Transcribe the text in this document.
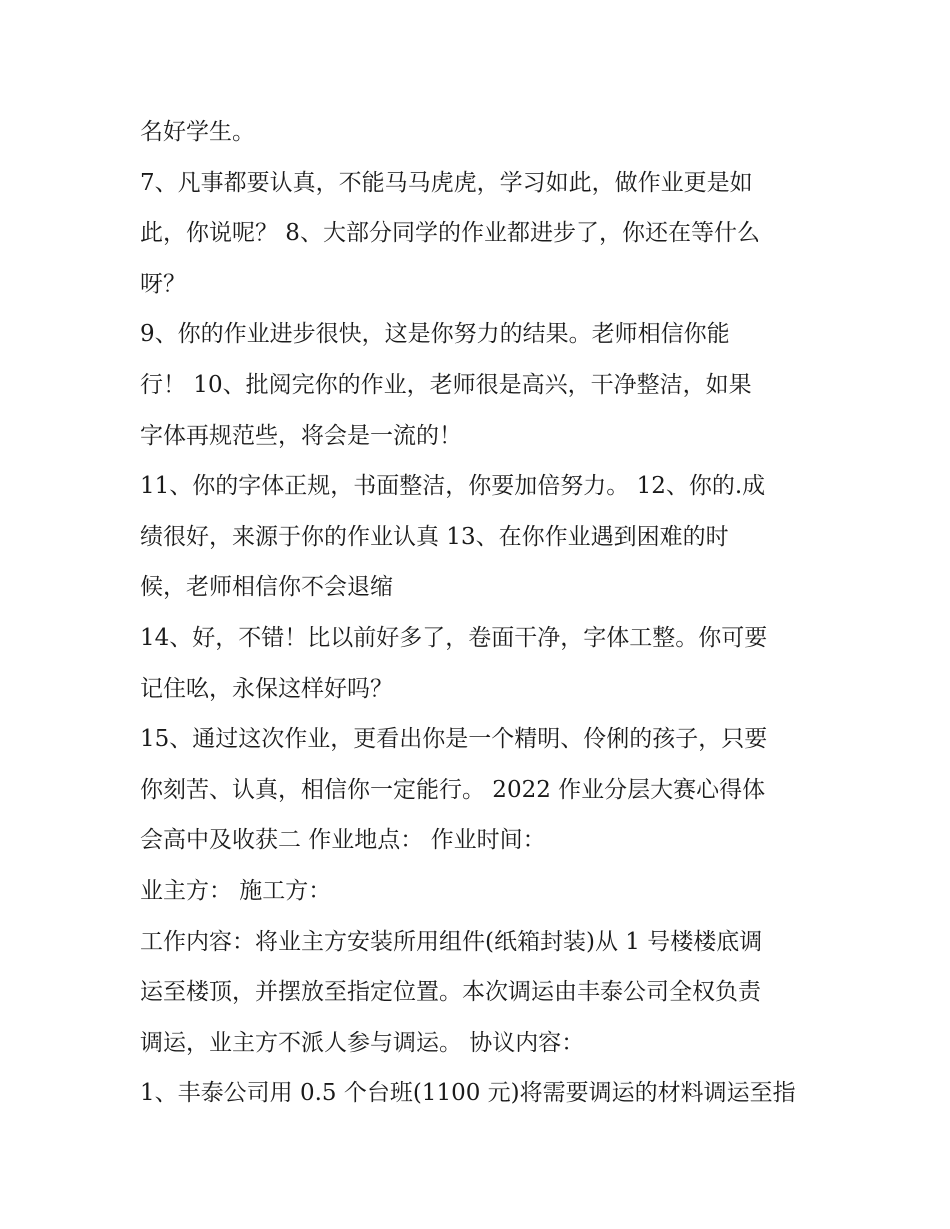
名好学生。
7、凡事都要认真，不能马马虎虎，学习如此，做作业更是如
此，你说呢？ 8、大部分同学的作业都进步了，你还在等什么
呀？
9、你的作业进步很快，这是你努力的结果。老师相信你能
行！ 10、批阅完你的作业，老师很是高兴，干净整洁，如果
字体再规范些，将会是一流的！
11、你的字体正规，书面整洁，你要加倍努力。 12、你的.成
绩很好，来源于你的作业认真 13、在你作业遇到困难的时
候，老师相信你不会退缩
14、好，不错！比以前好多了，卷面干净，字体工整。你可要
记住吆，永保这样好吗？
15、通过这次作业，更看出你是一个精明、伶俐的孩子，只要
你刻苦、认真，相信你一定能行。 2022 作业分层大赛心得体
会高中及收获二 作业地点： 作业时间：
业主方： 施工方：
工作内容：将业主方安装所用组件(纸箱封装)从 1 号楼楼底调
运至楼顶，并摆放至指定位置。本次调运由丰泰公司全权负责
调运，业主方不派人参与调运。 协议内容：
1、丰泰公司用 0.5 个台班(1100 元)将需要调运的材料调运至指
